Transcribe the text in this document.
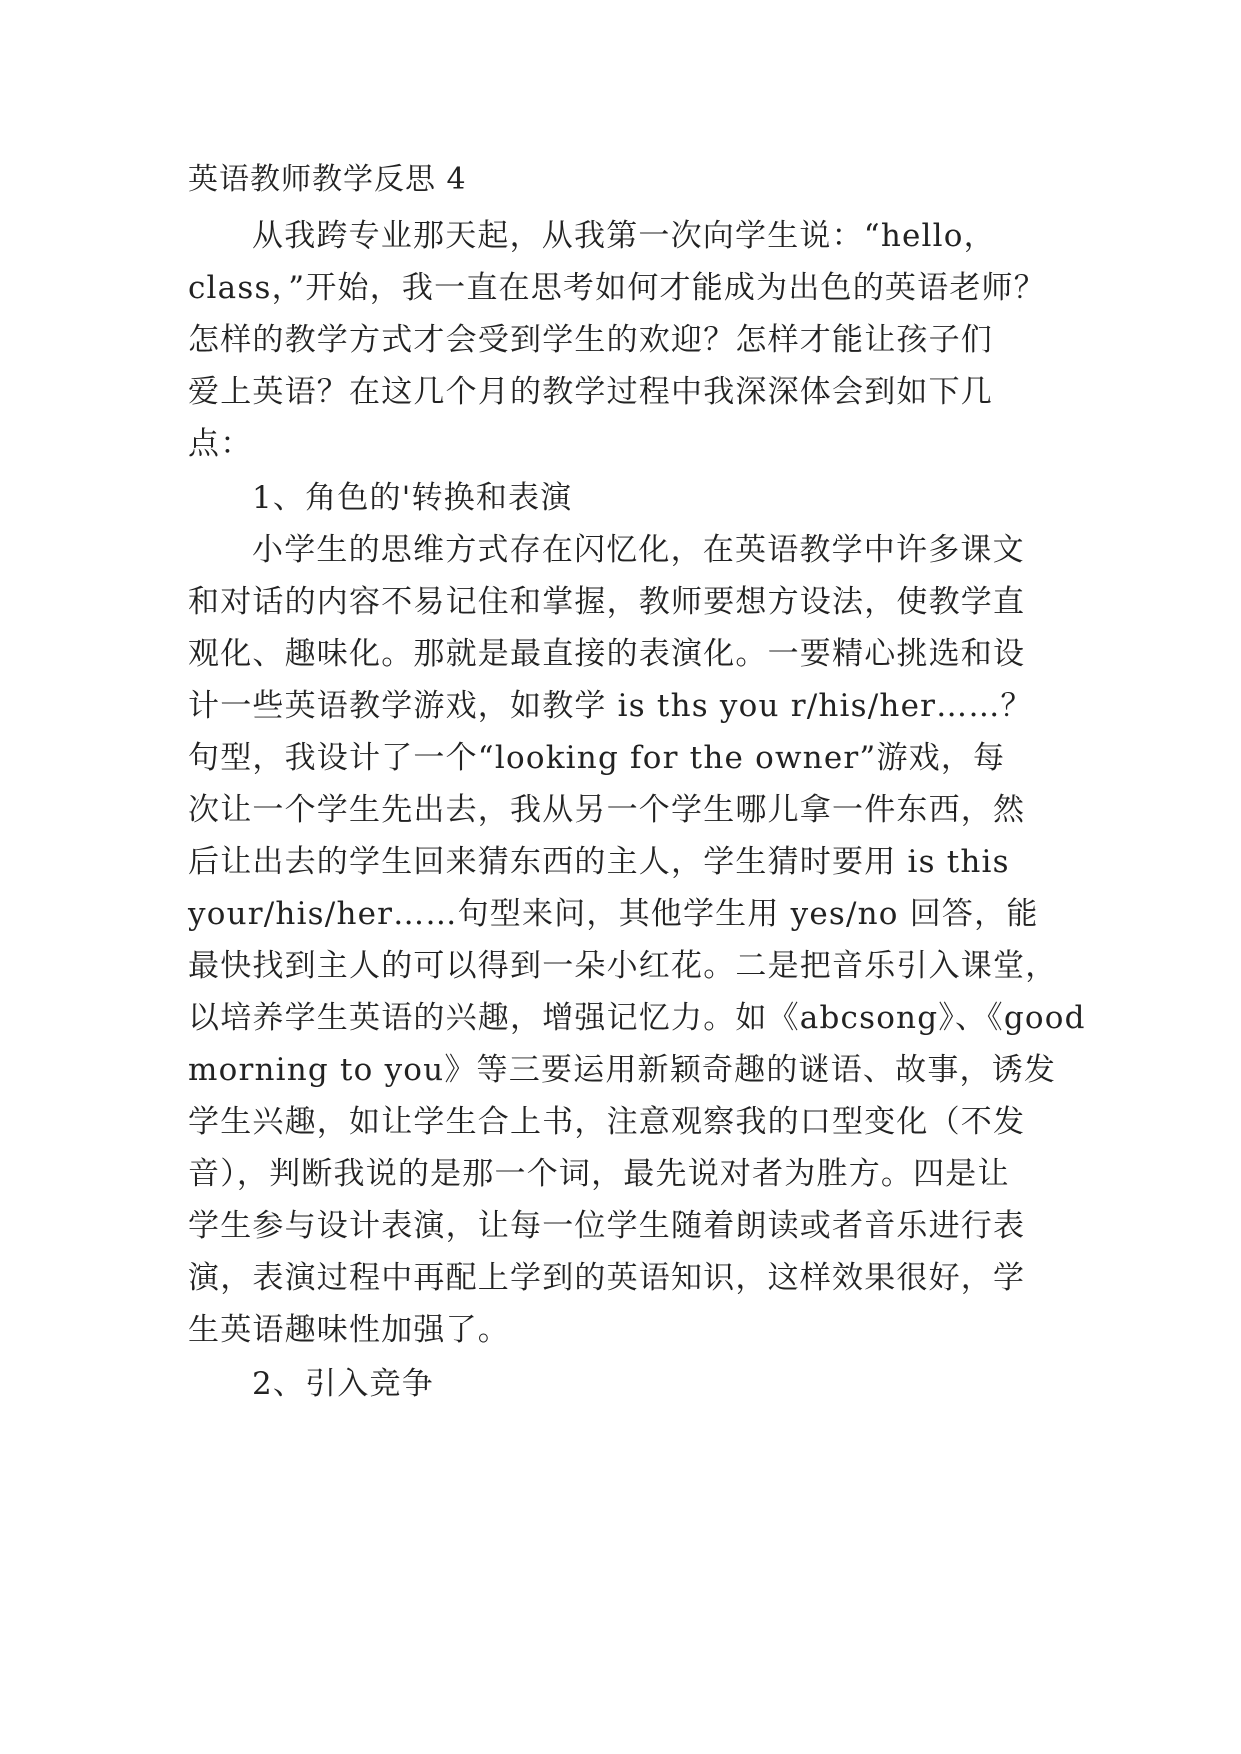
英语教师教学反思 4
从我跨专业那天起，从我第一次向学生说：“hello，
class，”开始，我一直在思考如何才能成为出色的英语老师？
怎样的教学方式才会受到学生的欢迎？怎样才能让孩子们
爱上英语？在这几个月的教学过程中我深深体会到如下几
点：
1、角色的'转换和表演
小学生的思维方式存在闪忆化，在英语教学中许多课文
和对话的内容不易记住和掌握，教师要想方设法，使教学直
观化、趣味化。那就是最直接的表演化。一要精心挑选和设
计一些英语教学游戏，如教学 is ths you r/his/her……？
句型，我设计了一个“looking for the owner”游戏，每
次让一个学生先出去，我从另一个学生哪儿拿一件东西，然
后让出去的学生回来猜东西的主人，学生猜时要用 is this
your/his/her……句型来问，其他学生用 yes/no 回答，能
最快找到主人的可以得到一朵小红花。二是把音乐引入课堂，
以培养学生英语的兴趣，增强记忆力。如《abcsong》、《good
morning to you》等三要运用新颖奇趣的谜语、故事，诱发
学生兴趣，如让学生合上书，注意观察我的口型变化（不发
音），判断我说的是那一个词，最先说对者为胜方。四是让
学生参与设计表演，让每一位学生随着朗读或者音乐进行表
演，表演过程中再配上学到的英语知识，这样效果很好，学
生英语趣味性加强了。
2、引入竞争
